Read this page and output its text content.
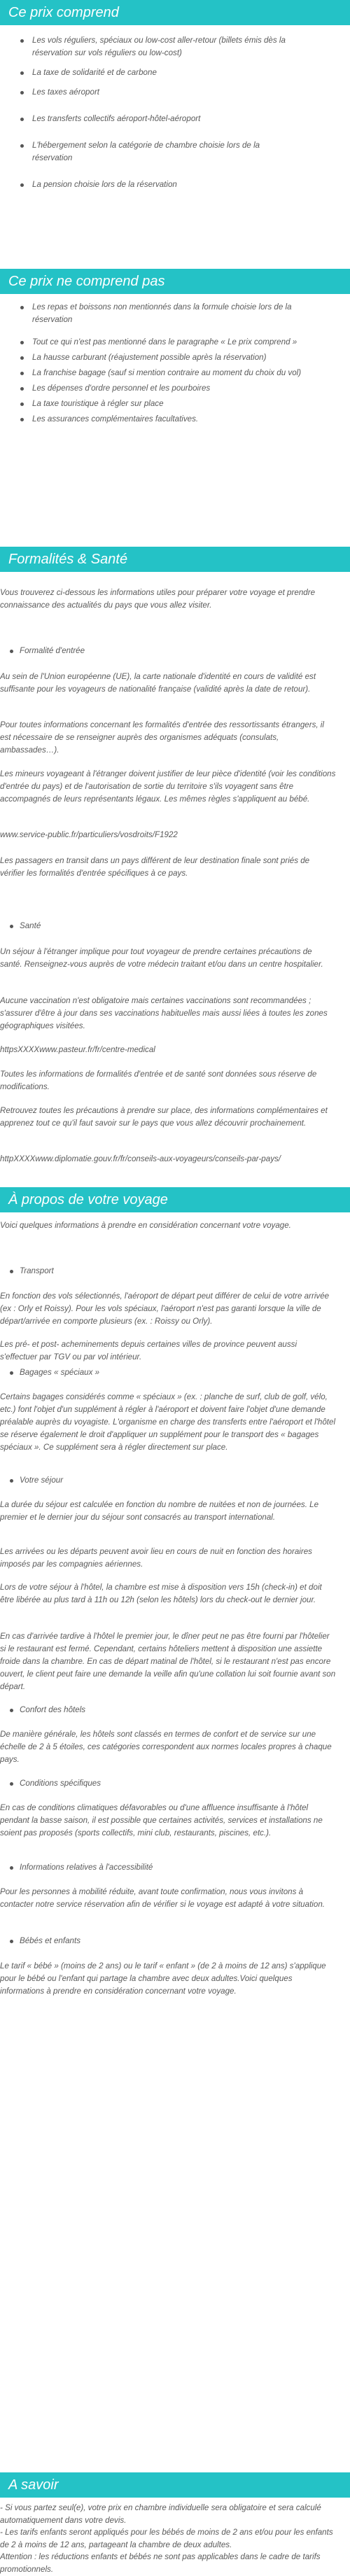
Ce prix comprend
Les vols réguliers, spéciaux ou low-cost aller-retour (billets émis dès la réservation sur vols réguliers ou low-cost)
La taxe de solidarité et de carbone
Les taxes aéroport
Les transferts collectifs aéroport-hôtel-aéroport
L'hébergement selon la catégorie de chambre choisie lors de la réservation
La pension choisie lors de la réservation
Ce prix ne comprend pas
Les repas et boissons non mentionnés dans la formule choisie lors de la réservation
Tout ce qui n'est pas mentionné dans le paragraphe « Le prix comprend »
La hausse carburant (réajustement possible après la réservation)
La franchise bagage (sauf si mention contraire au moment du choix du vol)
Les dépenses d'ordre personnel et les pourboires
La taxe touristique à régler sur place
Les assurances complémentaires facultatives.
Formalités & Santé
Vous trouverez ci-dessous les informations utiles pour préparer votre voyage et prendre connaissance des actualités du pays que vous allez visiter.
Formalité d'entrée
Au sein de l'Union européenne (UE), la carte nationale d'identité en cours de validité est suffisante pour les voyageurs de nationalité française (validité après la date de retour).
Pour toutes informations concernant les formalités d'entrée des ressortissants étrangers, il est nécessaire de se renseigner auprès des organismes adéquats (consulats, ambassades…).
Les mineurs voyageant à l'étranger doivent justifier de leur pièce d'identité (voir les conditions d'entrée du pays) et de l'autorisation de sortie du territoire s'ils voyagent sans être accompagnés de leurs représentants légaux. Les mêmes règles s'appliquent au bébé.
www.service-public.fr/particuliers/vosdroits/F1922
Les passagers en transit dans un pays différent de leur destination finale sont priés de vérifier les formalités d'entrée spécifiques à ce pays.
Santé
Un séjour à l'étranger implique pour tout voyageur de prendre certaines précautions de santé. Renseignez-vous auprès de votre médecin traitant et/ou dans un centre hospitalier.
Aucune vaccination n'est obligatoire mais certaines vaccinations sont recommandées ; s'assurer d'être à jour dans ses vaccinations habituelles mais aussi liées à toutes les zones géographiques visitées.
httpsXXXXwww.pasteur.fr/fr/centre-medical
Toutes les informations de formalités d'entrée et de santé sont données sous réserve de modifications.
Retrouvez toutes les précautions à prendre sur place, des informations complémentaires et apprenez tout ce qu'il faut savoir sur le pays que vous allez découvrir prochainement.
httpXXXXwww.diplomatie.gouv.fr/fr/conseils-aux-voyageurs/conseils-par-pays/
À propos de votre voyage
Voici quelques informations à prendre en considération concernant votre voyage.
Transport
En fonction des vols sélectionnés, l'aéroport de départ peut différer de celui de votre arrivée (ex : Orly et Roissy). Pour les vols spéciaux, l'aéroport n'est pas garanti lorsque la ville de départ/arrivée en comporte plusieurs (ex. : Roissy ou Orly).
Les pré- et post- acheminements depuis certaines villes de province peuvent aussi s'effectuer par TGV ou par vol intérieur.
Bagages « spéciaux »
Certains bagages considérés comme « spéciaux » (ex. : planche de surf, club de golf, vélo, etc.) font l'objet d'un supplément à régler à l'aéroport et doivent faire l'objet d'une demande préalable auprès du voyagiste. L'organisme en charge des transferts entre l'aéroport et l'hôtel se réserve également le droit d'appliquer un supplément pour le transport des « bagages spéciaux ». Ce supplément sera à régler directement sur place.
Votre séjour
La durée du séjour est calculée en fonction du nombre de nuitées et non de journées. Le premier et le dernier jour du séjour sont consacrés au transport international.
Les arrivées ou les départs peuvent avoir lieu en cours de nuit en fonction des horaires imposés par les compagnies aériennes.
Lors de votre séjour à l'hôtel, la chambre est mise à disposition vers 15h (check-in) et doit être libérée au plus tard à 11h ou 12h (selon les hôtels) lors du check-out le dernier jour.
En cas d'arrivée tardive à l'hôtel le premier jour, le dîner peut ne pas être fourni par l'hôtelier si le restaurant est fermé. Cependant, certains hôteliers mettent à disposition une assiette froide dans la chambre. En cas de départ matinal de l'hôtel, si le restaurant n'est pas encore ouvert, le client peut faire une demande la veille afin qu'une collation lui soit fournie avant son départ.
Confort des hôtels
De manière générale, les hôtels sont classés en termes de confort et de service sur une échelle de 2 à 5 étoiles, ces catégories correspondent aux normes locales propres à chaque pays.
Conditions spécifiques
En cas de conditions climatiques défavorables ou d'une affluence insuffisante à l'hôtel pendant la basse saison, il est possible que certaines activités, services et installations ne soient pas proposés (sports collectifs, mini club, restaurants, piscines, etc.).
Informations relatives à l'accessibilité
Pour les personnes à mobilité réduite, avant toute confirmation, nous vous invitons à contacter notre service réservation afin de vérifier si le voyage est adapté à votre situation.
Bébés et enfants
Le tarif « bébé » (moins de 2 ans) ou le tarif « enfant » (de 2 à moins de 12 ans) s'applique pour le bébé ou l'enfant qui partage la chambre avec deux adultes.Voici quelques informations à prendre en considération concernant votre voyage.
A savoir
- Si vous partez seul(e), votre prix en chambre individuelle sera obligatoire et sera calculé automatiquement dans votre devis.
- Les tarifs enfants seront appliqués pour les bébés de moins de 2 ans et/ou pour les enfants de 2 à moins de 12 ans, partageant la chambre de deux adultes.
Attention : les réductions enfants et bébés ne sont pas applicables dans le cadre de tarifs promotionnels.
